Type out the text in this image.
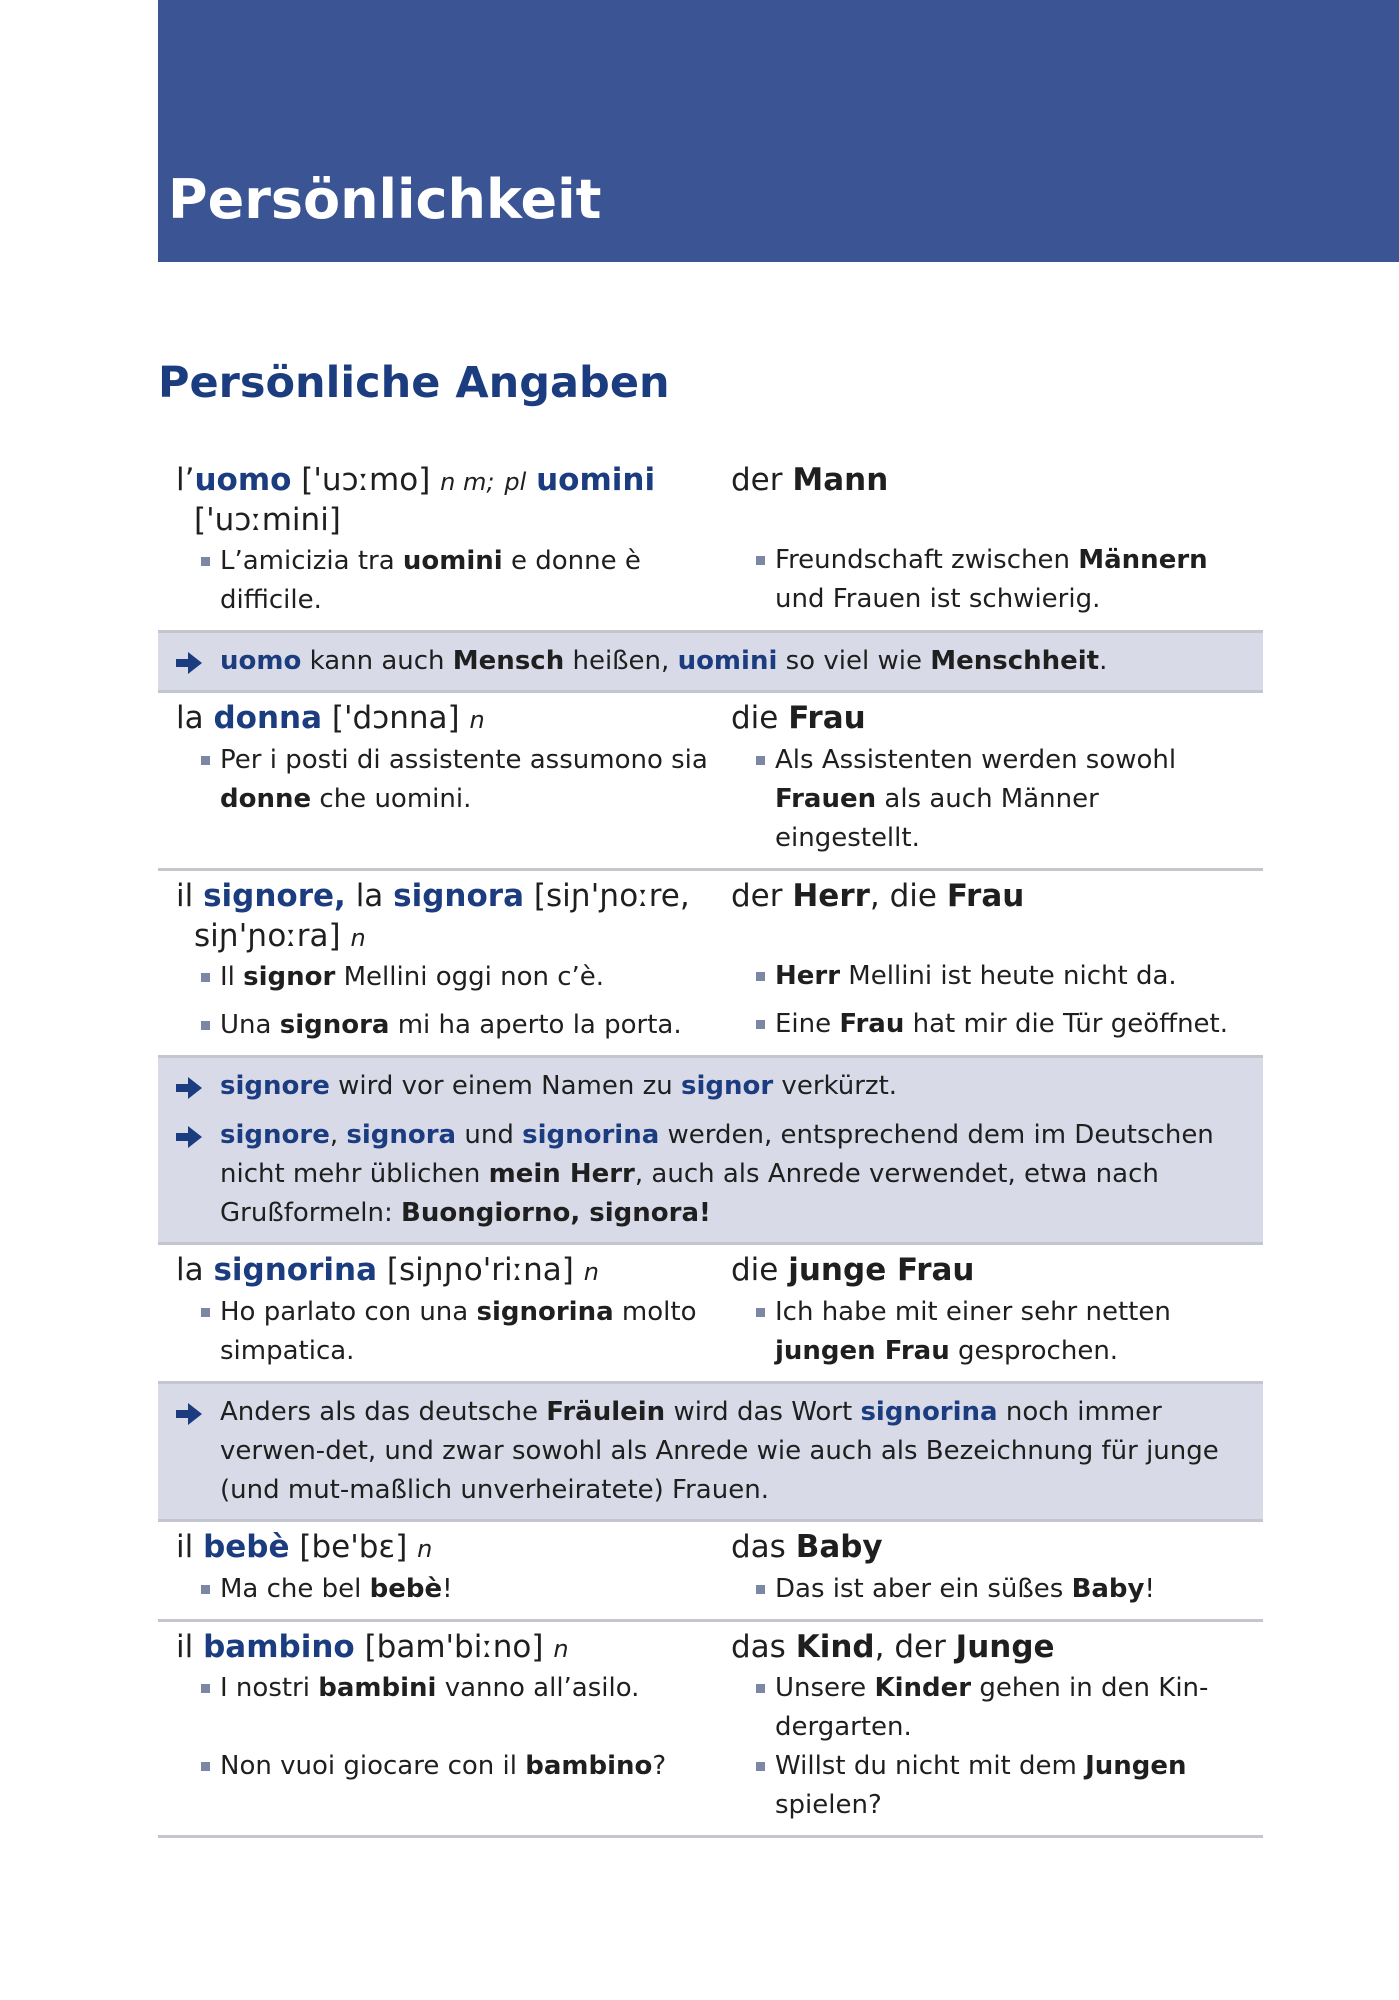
Persönlichkeit
Persönliche Angaben
l’uomo ['uɔːmo] n m; pl uomini ['uɔːmini]
L’amicizia tra uomini e donne è difficile.
der Mann
Freundschaft zwischen Männern und Frauen ist schwierig.
uomo kann auch Mensch heißen, uomini so viel wie Menschheit.
la donna ['dɔnna] n
Per i posti di assistente assumono sia donne che uomini.
die Frau
Als Assistenten werden sowohl Frauen als auch Männer eingestellt.
il signore, la signora [siɲ'ɲoːre, siɲ'ɲoːra] n
Il signor Mellini oggi non c’è.
Una signora mi ha aperto la porta.
der Herr, die Frau
Herr Mellini ist heute nicht da.
Eine Frau hat mir die Tür geöffnet.
signore wird vor einem Namen zu signor verkürzt.
signore, signora und signorina werden, entsprechend dem im Deutschen nicht mehr üblichen mein Herr, auch als Anrede verwendet, etwa nach Grußformeln: Buongiorno, signora!
la signorina [siɲɲo'riːna] n
Ho parlato con una signorina molto simpatica.
die junge Frau
Ich habe mit einer sehr netten jungen Frau gesprochen.
Anders als das deutsche Fräulein wird das Wort signorina noch immer verwen-det, und zwar sowohl als Anrede wie auch als Bezeichnung für junge (und mut-maßlich unverheiratete) Frauen.
il bebè [be'bɛ] n
Ma che bel bebè!
das Baby
Das ist aber ein süßes Baby!
il bambino [bam'biːno] n
I nostri bambini vanno all’asilo.
Non vuoi giocare con il bambino?
das Kind, der Junge
Unsere Kinder gehen in den Kin-dergarten.
Willst du nicht mit dem Jungen spielen?
